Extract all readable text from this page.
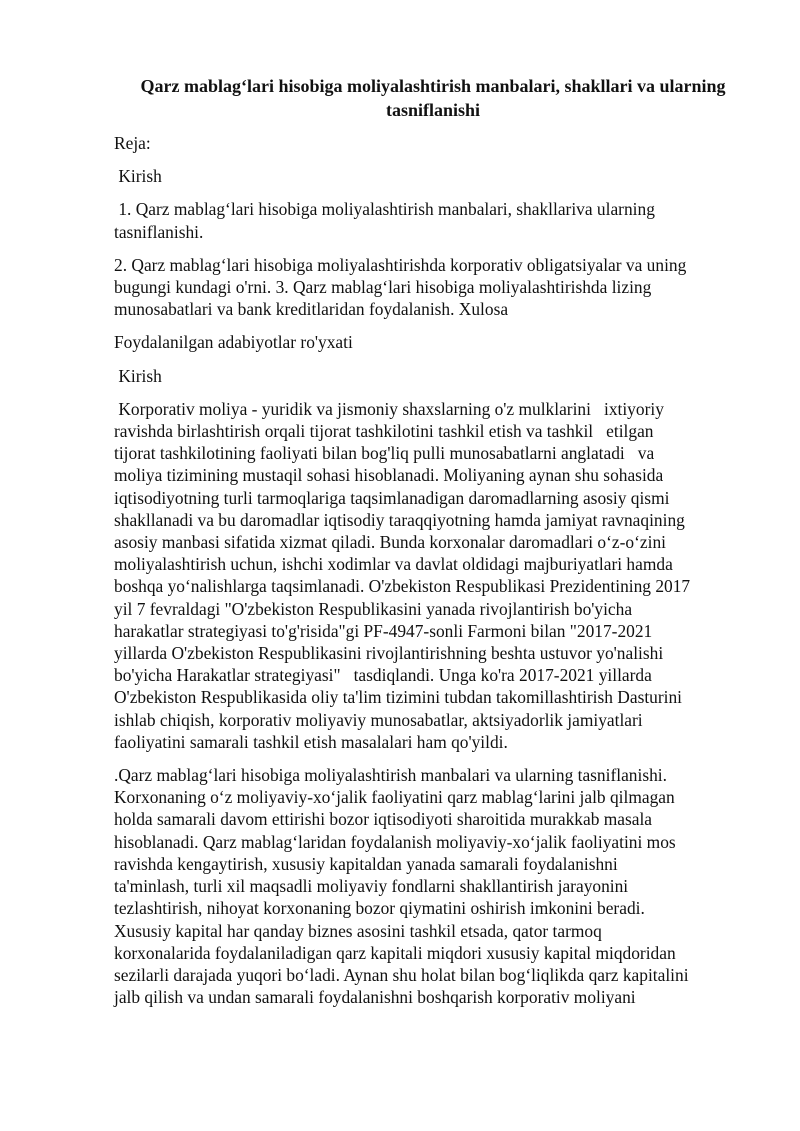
Qarz mablag‘lari hisobiga moliyalashtirish manbalari, shakllari va ularning
tasniflanishi
Reja:
Kirish
1. Qarz mablag‘lari hisobiga moliyalashtirish manbalari, shakllariva ularning
tasniflanishi.
2. Qarz mablag‘lari hisobiga moliyalashtirishda korporativ obligatsiyalar va uning
bugungi kundagi o'rni. 3. Qarz mablag‘lari hisobiga moliyalashtirishda lizing
munosabatlari va bank kreditlaridan foydalanish. Xulosa
Foydalanilgan adabiyotlar ro'yxati
Kirish
Korporativ moliya - yuridik va jismoniy shaxslarning o'z mulklarini   ixtiyoriy
ravishda birlashtirish orqali tijorat tashkilotini tashkil etish va tashkil   etilgan
tijorat tashkilotining faoliyati bilan bog'liq pulli munosabatlarni anglatadi   va
moliya tizimining mustaqil sohasi hisoblanadi. Moliyaning aynan shu sohasida
iqtisodiyotning turli tarmoqlariga taqsimlanadigan daromadlarning asosiy qismi
shakllanadi va bu daromadlar iqtisodiy taraqqiyotning hamda jamiyat ravnaqining
asosiy manbasi sifatida xizmat qiladi. Bunda korxonalar daromadlari o‘z-o‘zini
moliyalashtirish uchun, ishchi xodimlar va davlat oldidagi majburiyatlari hamda
boshqa yo‘nalishlarga taqsimlanadi. O'zbekiston Respublikasi Prezidentining 2017
yil 7 fevraldagi "O'zbekiston Respublikasini yanada rivojlantirish bo'yicha
harakatlar strategiyasi to'g'risida"gi PF-4947-sonli Farmoni bilan "2017-2021
yillarda O'zbekiston Respublikasini rivojlantirishning beshta ustuvor yo'nalishi
bo'yicha Harakatlar strategiyasi"   tasdiqlandi. Unga ko'ra 2017-2021 yillarda
O'zbekiston Respublikasida oliy ta'lim tizimini tubdan takomillashtirish Dasturini
ishlab chiqish, korporativ moliyaviy munosabatlar, aktsiyadorlik jamiyatlari
faoliyatini samarali tashkil etish masalalari ham qo'yildi.
.Qarz mablag‘lari hisobiga moliyalashtirish manbalari va ularning tasniflanishi.
Korxonaning o‘z moliyaviy-xo‘jalik faoliyatini qarz mablag‘larini jalb qilmagan
holda samarali davom ettirishi bozor iqtisodiyoti sharoitida murakkab masala
hisoblanadi. Qarz mablag‘laridan foydalanish moliyaviy-xo‘jalik faoliyatini mos
ravishda kengaytirish, xususiy kapitaldan yanada samarali foydalanishni
ta'minlash, turli xil maqsadli moliyaviy fondlarni shakllantirish jarayonini
tezlashtirish, nihoyat korxonaning bozor qiymatini oshirish imkonini beradi.
Xususiy kapital har qanday biznes asosini tashkil etsada, qator tarmoq
korxonalarida foydalaniladigan qarz kapitali miqdori xususiy kapital miqdoridan
sezilarli darajada yuqori bo‘ladi. Aynan shu holat bilan bog‘liqlikda qarz kapitalini
jalb qilish va undan samarali foydalanishni boshqarish korporativ moliyani
